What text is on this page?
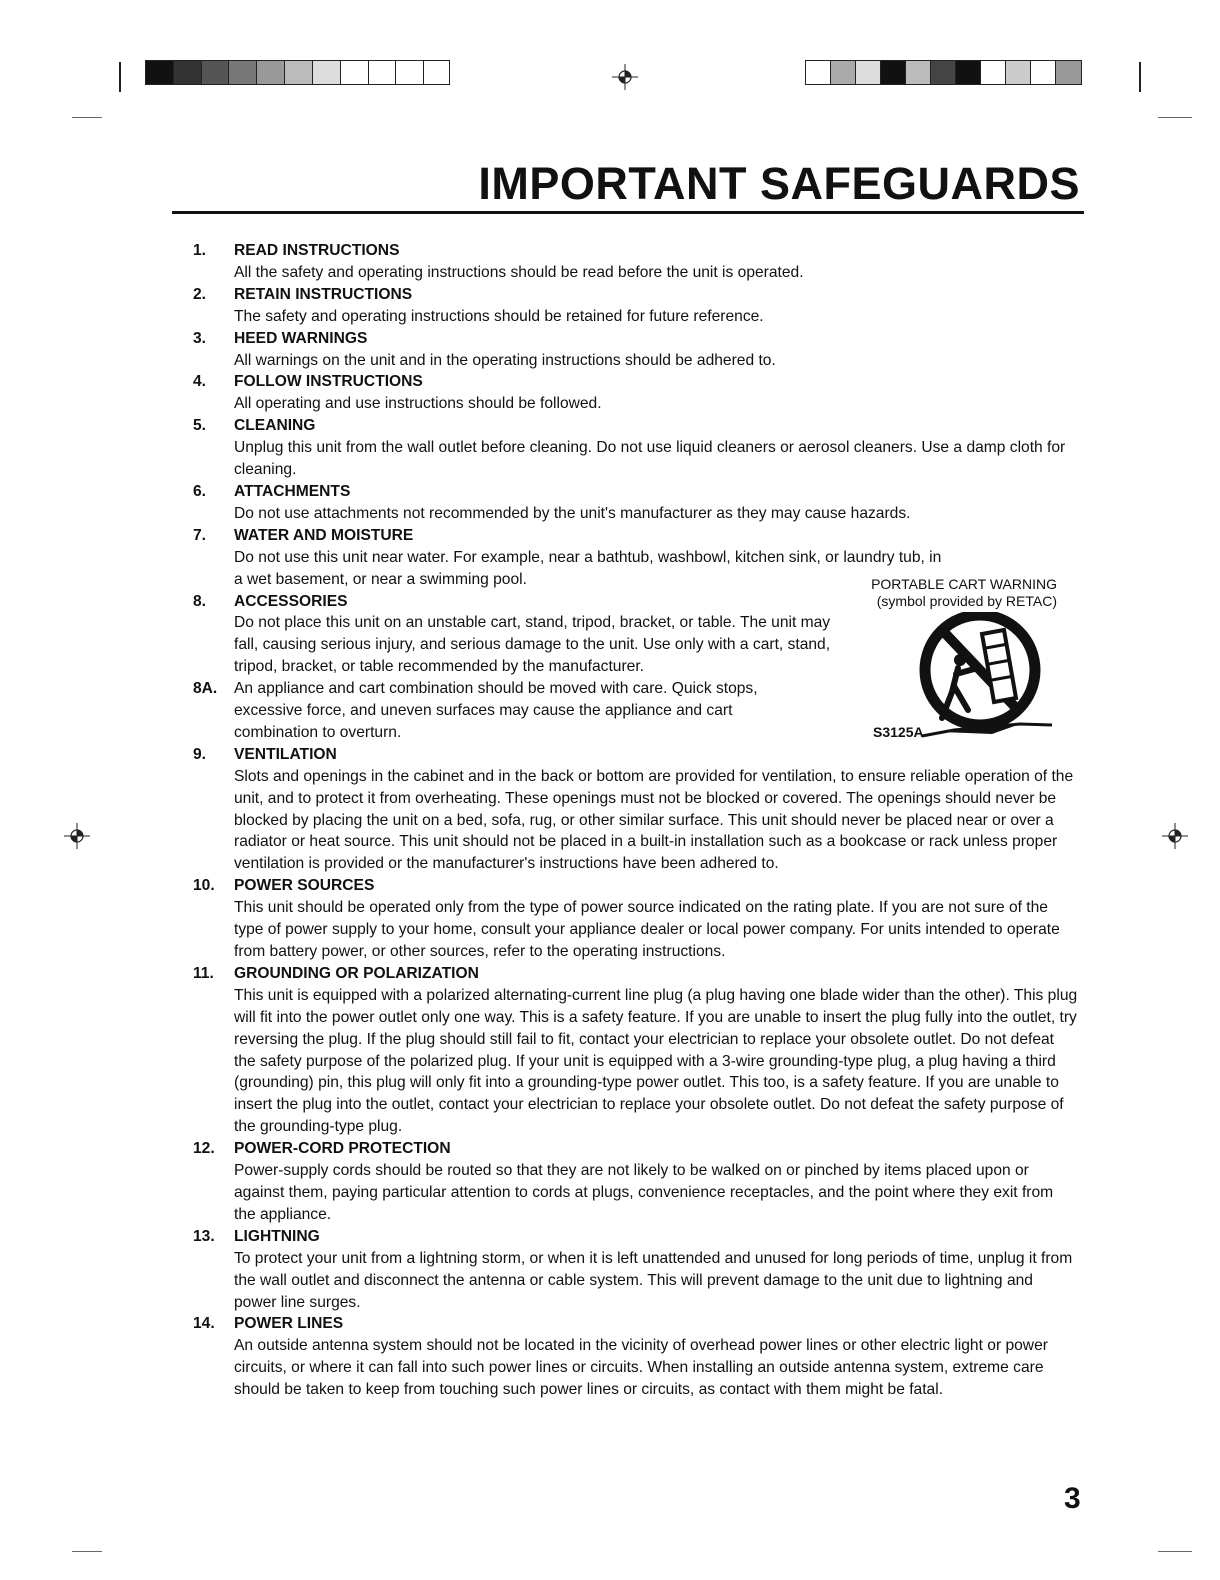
IMPORTANT SAFEGUARDS
1.	READ INSTRUCTIONS
All the safety and operating instructions should be read before the unit is operated.
2.	RETAIN INSTRUCTIONS
The safety and operating instructions should be retained for future reference.
3.	HEED WARNINGS
All warnings on the unit and in the operating instructions should be adhered to.
4.	FOLLOW INSTRUCTIONS
All operating and use instructions should be followed.
5.	CLEANING
Unplug this unit from the wall outlet before cleaning. Do not use liquid cleaners or aerosol cleaners. Use a damp cloth for cleaning.
6.	ATTACHMENTS
Do not use attachments not recommended by the unit's manufacturer as they may cause hazards.
7.	WATER AND MOISTURE
Do not use this unit near water. For example, near a bathtub, washbowl, kitchen sink, or laundry tub, in a wet basement, or near a swimming pool.
8.	ACCESSORIES
Do not place this unit on an unstable cart, stand, tripod, bracket, or table. The unit may fall, causing serious injury, and serious damage to the unit. Use only with a cart, stand, tripod, bracket, or table recommended by the manufacturer.
8A.	An appliance and cart combination should be moved with care. Quick stops, excessive force, and uneven surfaces may cause the appliance and cart combination to overturn.
9.	VENTILATION
Slots and openings in the cabinet and in the back or bottom are provided for ventilation, to ensure reliable operation of the unit, and to protect it from overheating. These openings must not be blocked or covered. The openings should never be blocked by placing the unit on a bed, sofa, rug, or other similar surface. This unit should never be placed near or over a radiator or heat source. This unit should not be placed in a built-in installation such as a bookcase or rack unless proper ventilation is provided or the manufacturer's instructions have been adhered to.
10.	POWER SOURCES
This unit should be operated only from the type of power source indicated on the rating plate. If you are not sure of the type of power supply to your home, consult your appliance dealer or local power company. For units intended to operate from battery power, or other sources, refer to the operating instructions.
11.	GROUNDING OR POLARIZATION
This unit is equipped with a polarized alternating-current line plug (a plug having one blade wider than the other). This plug will fit into the power outlet only one way. This is a safety feature. If you are unable to insert the plug fully into the outlet, try reversing the plug. If the plug should still fail to fit, contact your electrician to replace your obsolete outlet. Do not defeat the safety purpose of the polarized plug. If your unit is equipped with a 3-wire grounding-type plug, a plug having a third (grounding) pin, this plug will only fit into a grounding-type power outlet. This too, is a safety feature. If you are unable to insert the plug into the outlet, contact your electrician to replace your obsolete outlet. Do not defeat the safety purpose of the grounding-type plug.
12.	POWER-CORD PROTECTION
Power-supply cords should be routed so that they are not likely to be walked on or pinched by items placed upon or against them, paying particular attention to cords at plugs, convenience receptacles, and the point where they exit from the appliance.
13.	LIGHTNING
To protect your unit from a lightning storm, or when it is left unattended and unused for long periods of time, unplug it from the wall outlet and disconnect the antenna or cable system. This will prevent damage to the unit due to lightning and power line surges.
14.	POWER LINES
An outside antenna system should not be located in the vicinity of overhead power lines or other electric light or power circuits, or where it can fall into such power lines or circuits. When installing an outside antenna system, extreme care should be taken to keep from touching such power lines or circuits, as contact with them might be fatal.
PORTABLE CART WARNING
(symbol provided by RETAC)
S3125A
3
